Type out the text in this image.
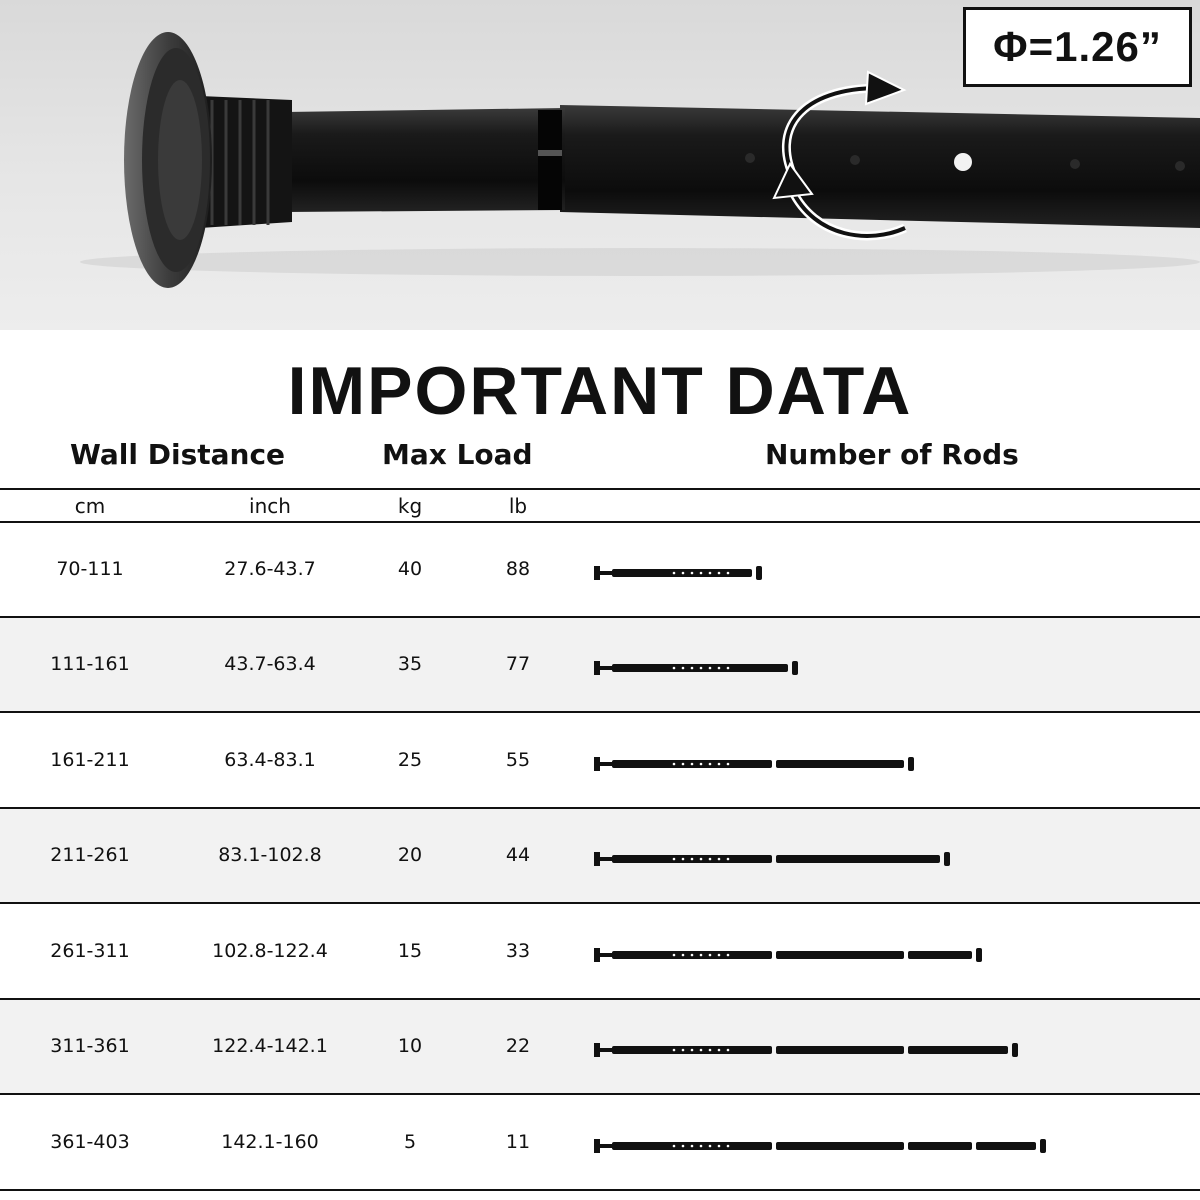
Φ=1.26”
IMPORTANT DATA
Wall Distance	Max Load	Number of Rods
cm	inch	kg	lb
70-111	27.6-43.7	40	88
111-161	43.7-63.4	35	77
161-211	63.4-83.1	25	55
211-261	83.1-102.8	20	44
261-311	102.8-122.4	15	33
311-361	122.4-142.1	10	22
361-403	142.1-160	5	11
